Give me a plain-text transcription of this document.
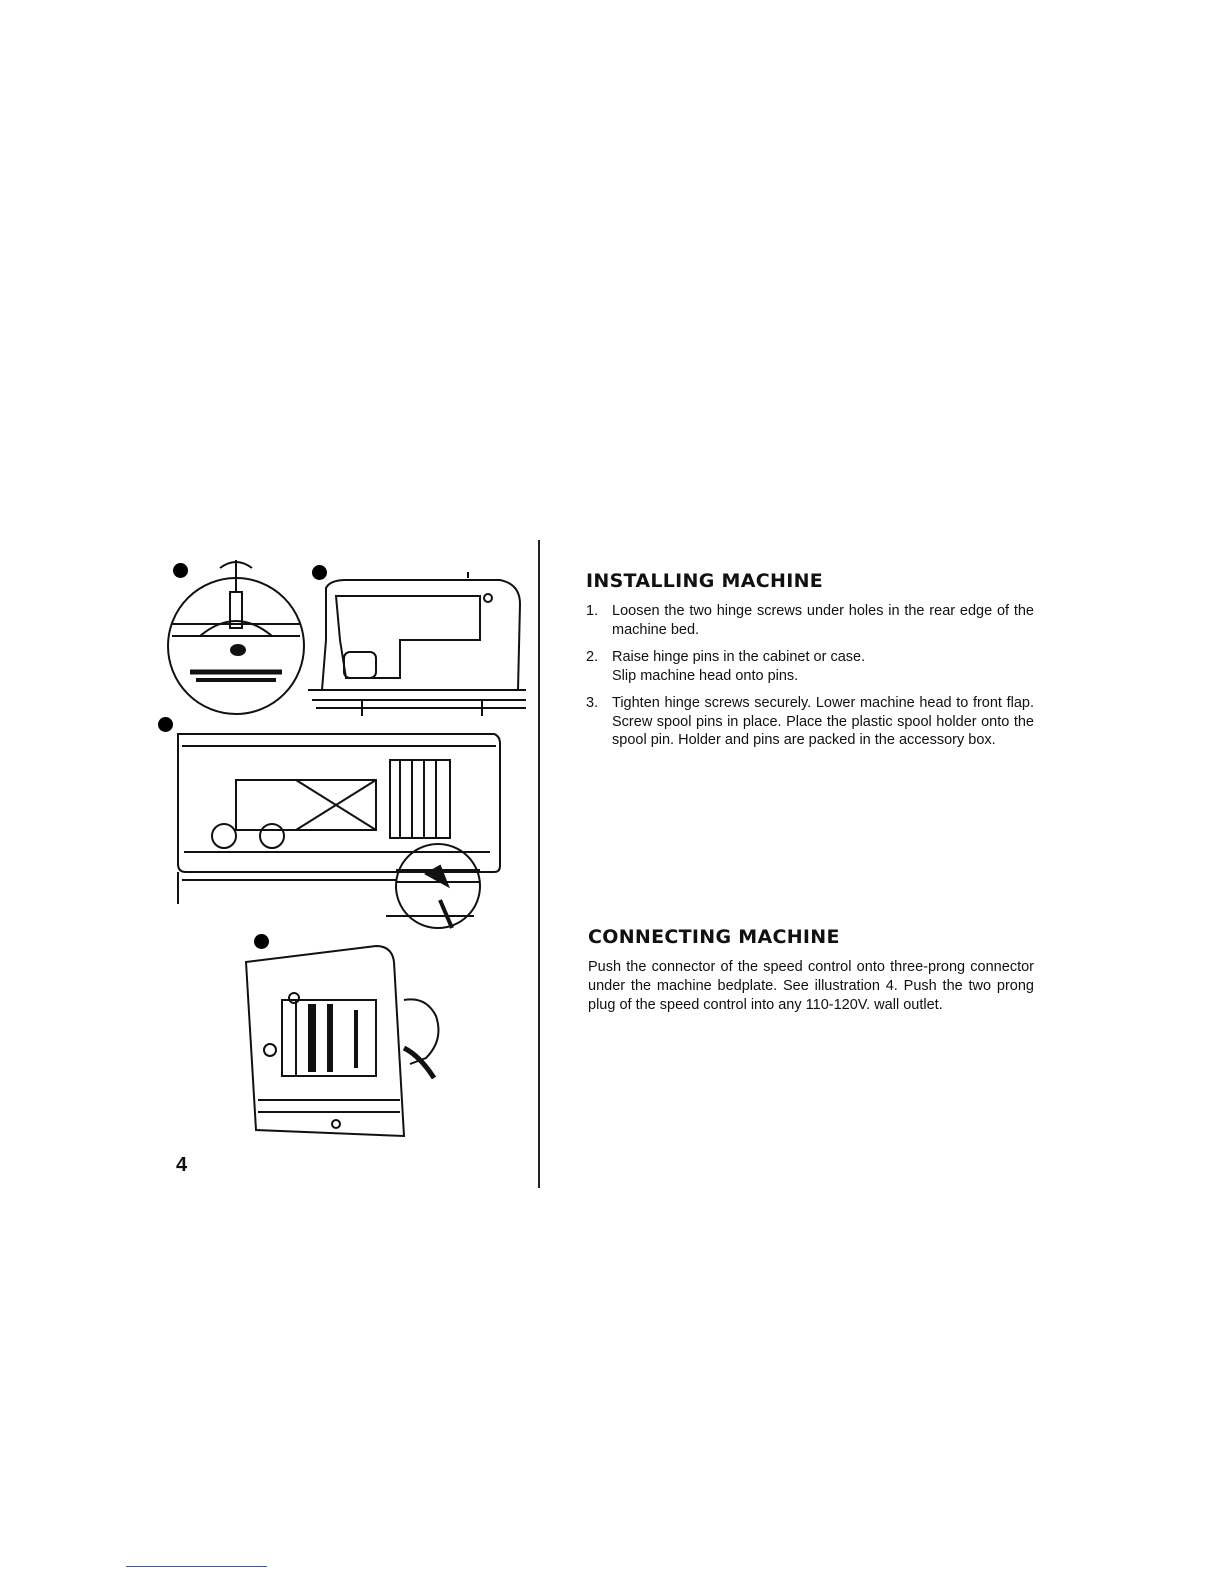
4
INSTALLING MACHINE
1. Loosen the two hinge screws under holes in the rear edge of the machine bed.
2. Raise hinge pins in the cabinet or case.
Slip machine head onto pins.
3. Tighten hinge screws securely. Lower machine head to front flap. Screw spool pins in place. Place the plastic spool holder onto the spool pin. Holder and pins are packed in the accessory box.
CONNECTING MACHINE

Push the connector of the speed control onto three-prong connector under the machine bedplate. See illustration 4. Push the two prong plug of the speed control into any 110-120V. wall outlet.
